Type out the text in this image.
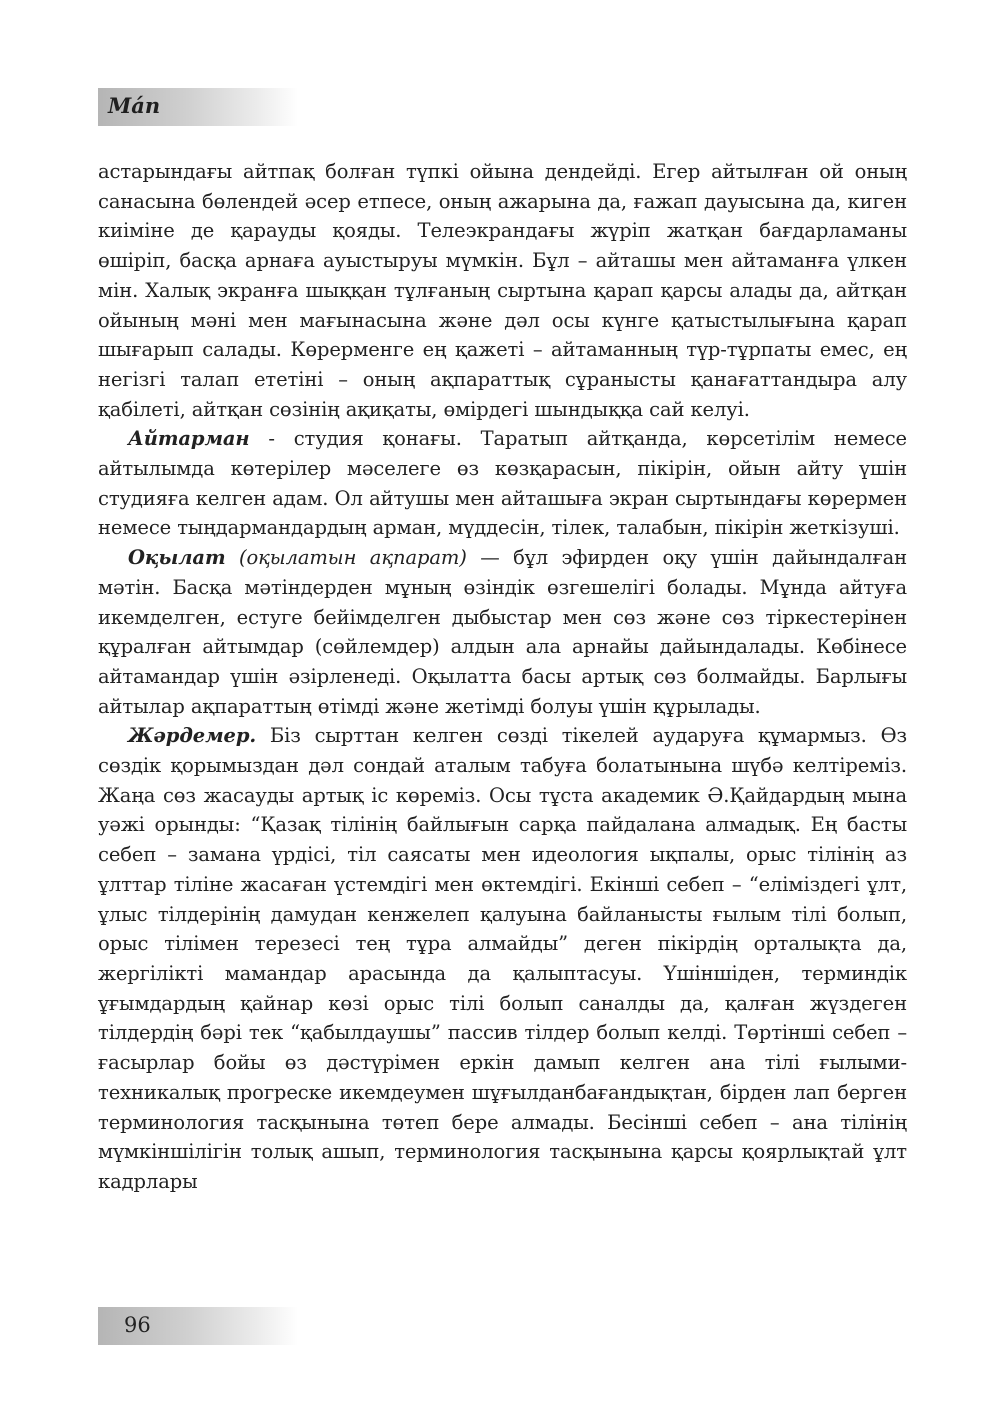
Мáп

астарындағы айтпақ болған түпкі ойына дендейді. Егер айтылған ой оның санасына бөлендей әсер етпесе, оның ажарына да, ғажап дауысына да, киген киіміне де қарауды қояды. Телеэкрандағы жүріп жатқан бағдарламаны өшіріп, басқа арнаға ауыстыруы мүмкін. Бұл – айташы мен айтаманға үлкен мін. Халық экранға шыққан тұлғаның сыртына қарап қарсы алады да, айтқан ойының мәні мен мағынасына және дәл осы күнге қатыстылығына қарап шығарып салады. Көрерменге ең қажеті – айтаманның түр-тұрпаты емес, ең негізгі талап ететіні – оның ақпараттық сұранысты қанағаттандыра алу қабілеті, айтқан сөзінің ақиқаты, өмірдегі шындыққа сай келуі.

Айтарман - студия қонағы. Таратып айтқанда, көрсетілім немесе айтылымда көтерілер мәселеге өз көзқарасын, пікірін, ойын айту үшін студияға келген адам. Ол айтушы мен айташыға экран сыртындағы көрермен немесе тыңдармандардың арман, мүддесін, тілек, талабын, пікірін жеткізуші.

Оқылат (оқылатын ақпарат) — бұл эфирден оқу үшін дайындалған мәтін. Басқа мәтіндерден мұның өзіндік өзгешелігі болады. Мұнда айтуға икемделген, естуге бейімделген дыбыстар мен сөз және сөз тіркестерінен құралған айтымдар (сөйлемдер) алдын ала арнайы дайындалады. Көбінесе айтамандар үшін әзірленеді. Оқылатта басы артық сөз болмайды. Барлығы айтылар ақпараттың өтімді және жетімді болуы үшін құрылады.

Жәрдемер. Біз сырттан келген сөзді тікелей аударуға құмармыз. Өз сөздік қорымыздан дәл сондай аталым табуға болатынына шүбә келтіреміз. Жаңа сөз жасауды артық іс көреміз. Осы тұста академик Ә.Қайдардың мына уәжі орынды: “Қазақ тілінің байлығын сарқа пайдалана алмадық. Ең басты себеп – замана үрдісі, тіл саясаты мен идеология ықпалы, орыс тілінің аз ұлттар тіліне жасаған үстемдігі мен өктемдігі. Екінші себеп – “еліміздегі ұлт, ұлыс тілдерінің дамудан кенжелеп қалуына байланысты ғылым тілі болып, орыс тілімен терезесі тең тұра алмайды” деген пікірдің орталықта да, жергілікті мамандар арасында да қалыптасуы. Үшіншіден, терминдік ұғымдардың қайнар көзі орыс тілі болып саналды да, қалған жүздеген тілдердің бәрі тек “қабылдаушы” пассив тілдер болып келді. Төртінші себеп – ғасырлар бойы өз дәстүрімен еркін дамып келген ана тілі ғылыми-техникалық прогреске икемдеумен шұғылданбағандықтан, бірден лап берген терминология тасқынына төтеп бере алмады. Бесінші себеп – ана тілінің мүмкіншілігін толық ашып, терминология тасқынына қарсы қоярлықтай ұлт кадрлары

96
